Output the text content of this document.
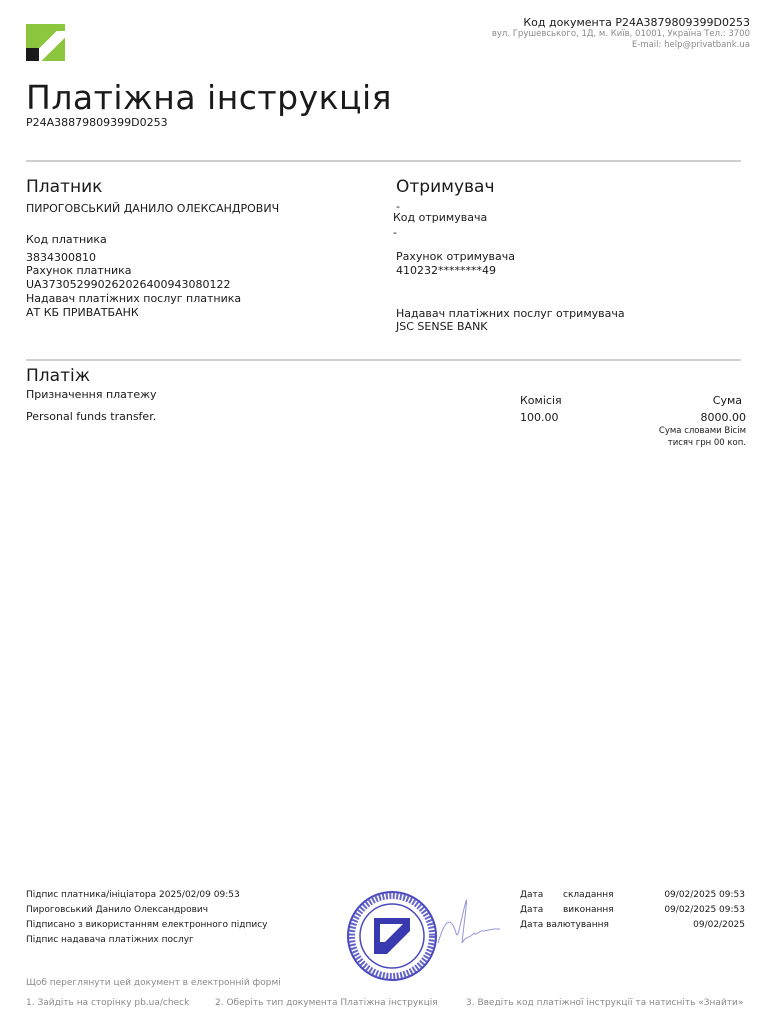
Код документа P24A3879809399D0253
вул. Грушевського, 1Д, м. Київ, 01001, Україна Тел.: 3700 E-mail: help@privatbank.ua
Платіжна інструкція
P24A38879809399D0253
Платник
ПИРОГОВСЬКИЙ ДАНИЛО ОЛЕКСАНДРОВИЧ
Код платника
3834300810
Рахунок платника
UA373052990262026400943080122
Надавач платіжних послуг платника
АТ КБ ПРИВАТБАНК
Отримувач
-
Код отримувача
-
Рахунок отримувача
410232********49
Надавач платіжних послуг отримувача
JSC SENSE BANK
Платіж
Призначення платежу
Personal funds transfer.
Комісія
100.00
Сума
8000.00
Сума словами Вісім
тисяч грн 00 коп.
Підпис платника/ініціатора 2025/02/09 09:53
Пироговський Данило Олександрович
Підписано з використанням електронного підпису
Підпис надавача платіжних послуг
Дата	складання	09/02/2025 09:53
Дата	виконання	09/02/2025 09:53
Дата валютування	09/02/2025
Щоб переглянути цей документ в електронній формі
1. Зайдіть на сторінку pb.ua/check	2. Оберіть тип документа Платіжна інструкція	3. Введіть код платіжної інструкції та натисніть «Знайти»
